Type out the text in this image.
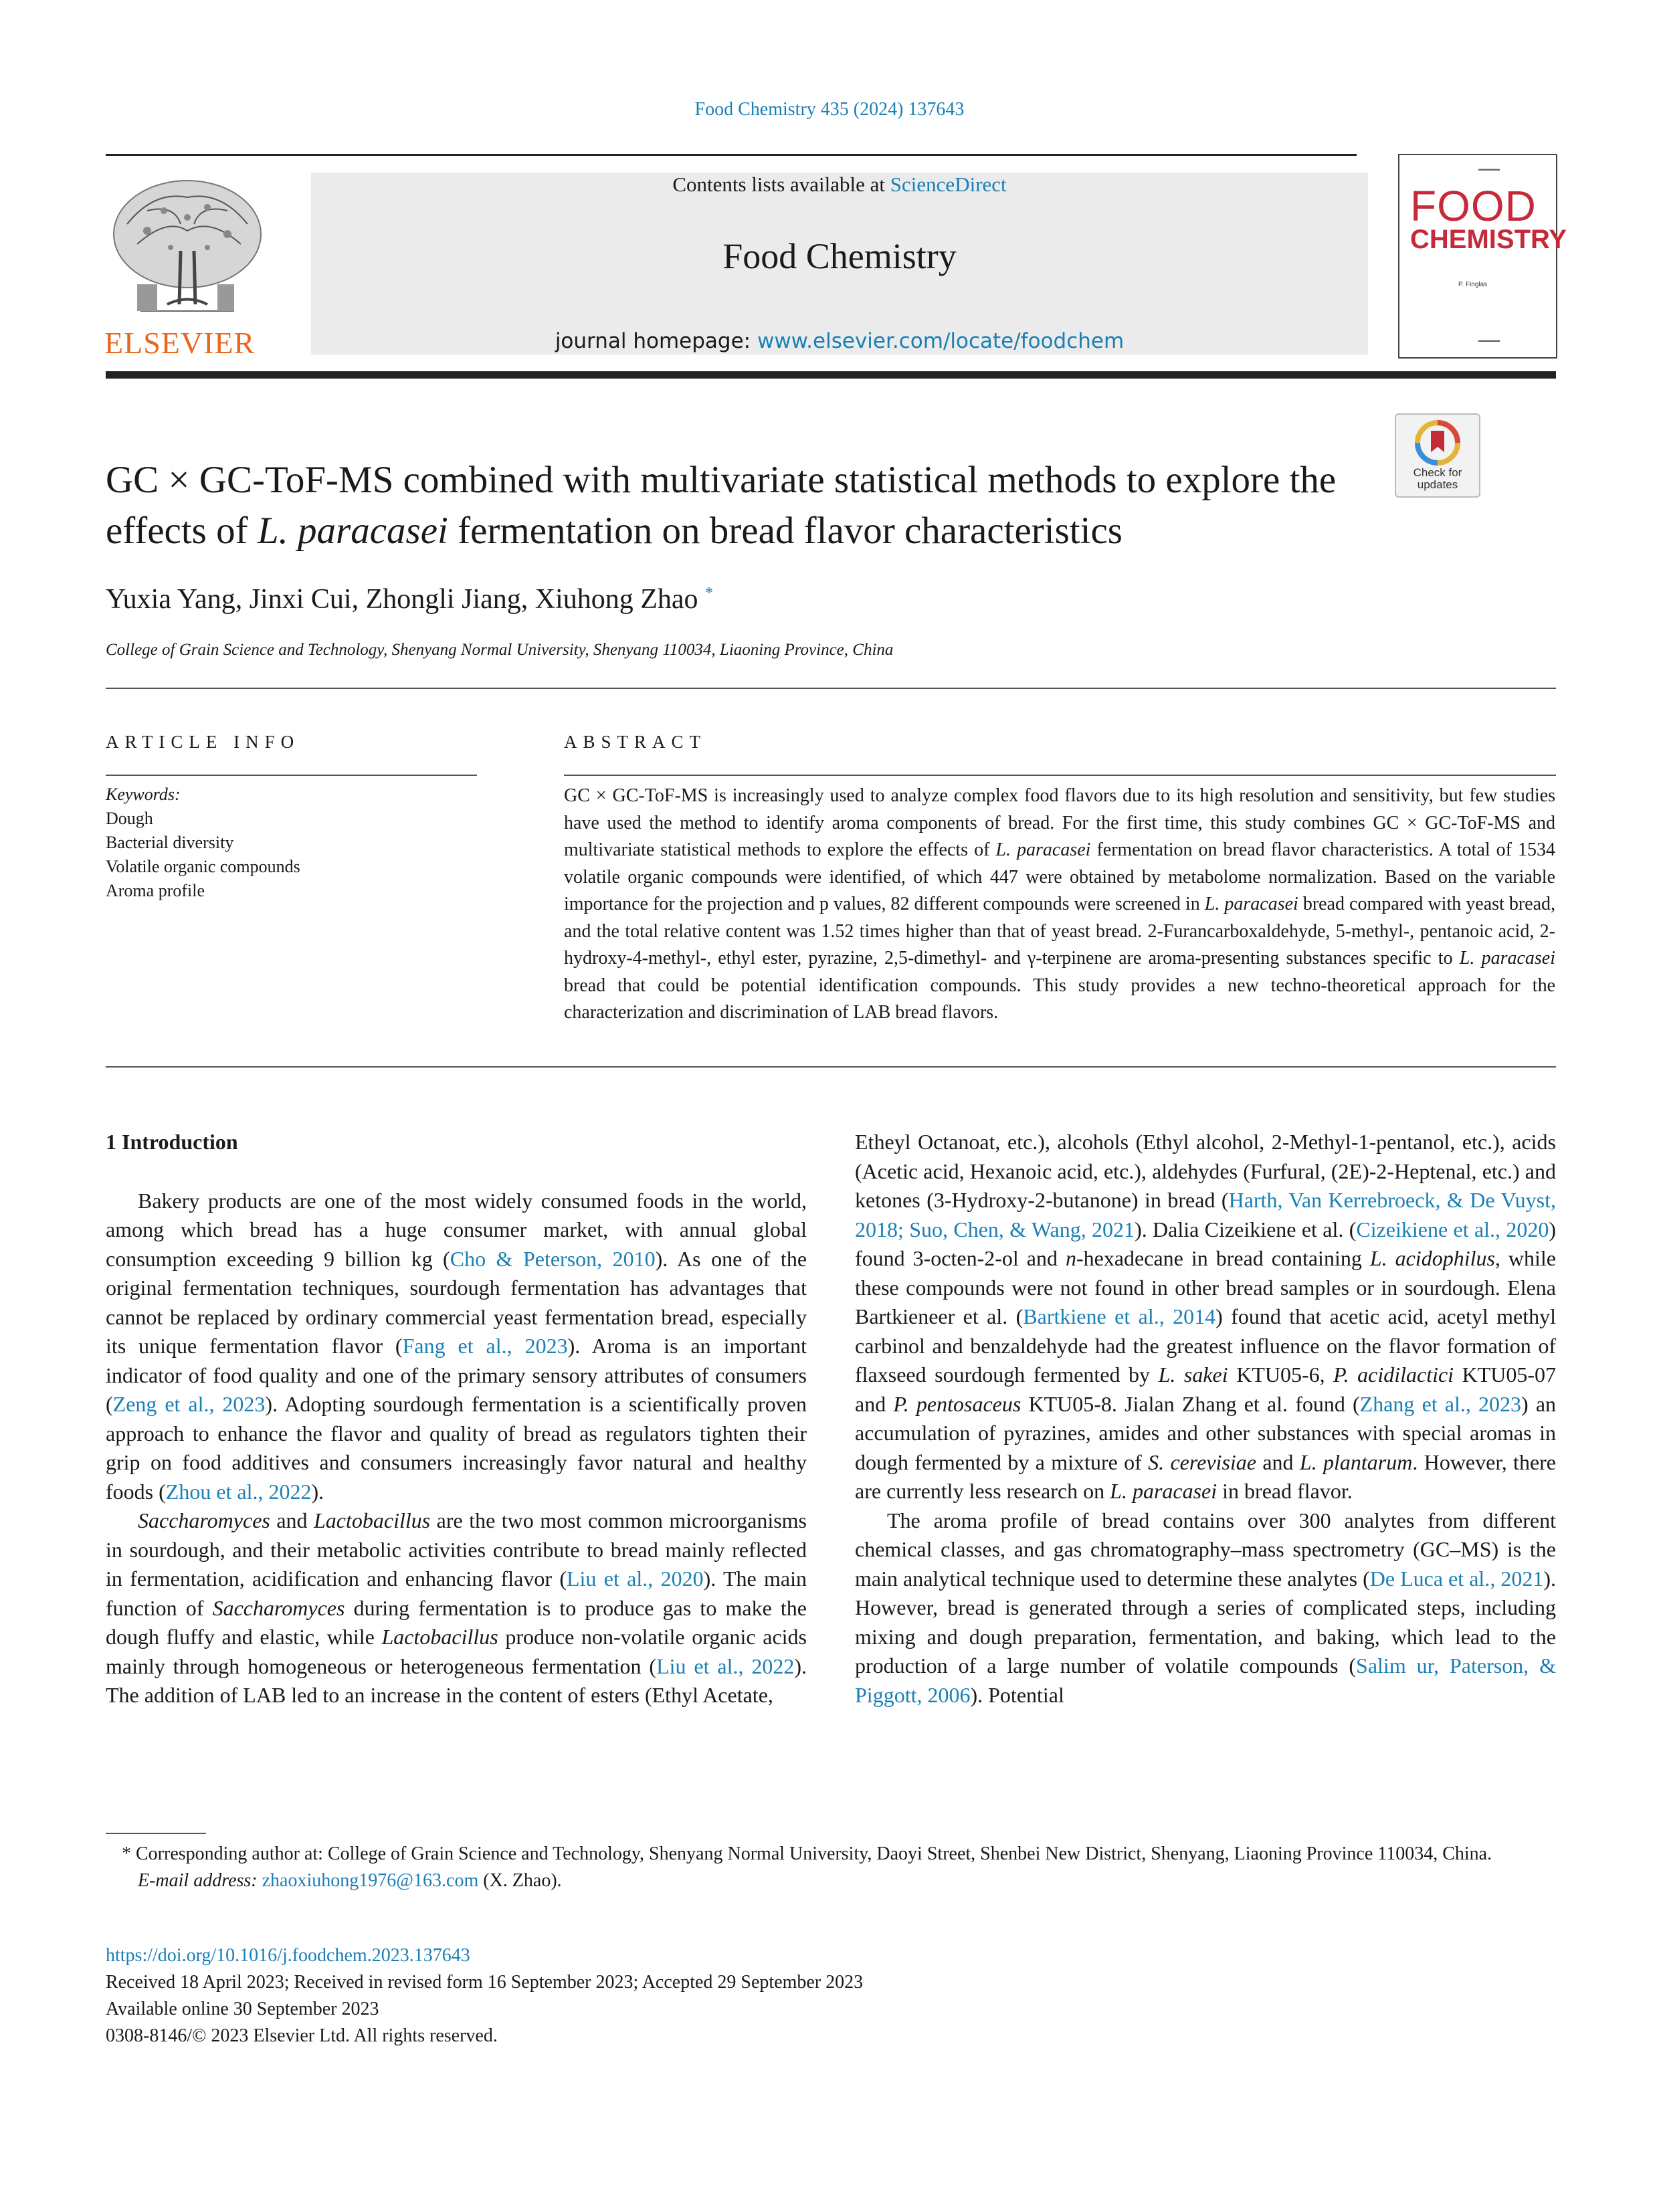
Food Chemistry 435 (2024) 137643
ELSEVIER
Contents lists available at ScienceDirect
Food Chemistry
journal homepage: www.elsevier.com/locate/foodchem
▬▬▬▬
FOOD
CHEMISTRY
P. Finglas
▬▬▬▬
Check for updates
GC × GC-ToF-MS combined with multivariate statistical methods to explore the effects of L. paracasei fermentation on bread flavor characteristics
Yuxia Yang, Jinxi Cui, Zhongli Jiang, Xiuhong Zhao *
College of Grain Science and Technology, Shenyang Normal University, Shenyang 110034, Liaoning Province, China
ARTICLE INFO
Keywords:
Dough
Bacterial diversity
Volatile organic compounds
Aroma profile
ABSTRACT
GC × GC-ToF-MS is increasingly used to analyze complex food flavors due to its high resolution and sensitivity, but few studies have used the method to identify aroma components of bread. For the first time, this study combines GC × GC-ToF-MS and multivariate statistical methods to explore the effects of L. paracasei fermentation on bread flavor characteristics. A total of 1534 volatile organic compounds were identified, of which 447 were obtained by metabolome normalization. Based on the variable importance for the projection and p values, 82 different compounds were screened in L. paracasei bread compared with yeast bread, and the total relative content was 1.52 times higher than that of yeast bread. 2-Furancarboxaldehyde, 5-methyl-, pentanoic acid, 2-hydroxy-4-methyl-, ethyl ester, pyrazine, 2,5-dimethyl- and γ-terpinene are aroma-presenting substances specific to L. paracasei bread that could be potential identification compounds. This study provides a new techno-theoretical approach for the characterization and discrimination of LAB bread flavors.

1 Introduction

Bakery products are one of the most widely consumed foods in the world, among which bread has a huge consumer market, with annual global consumption exceeding 9 billion kg (Cho & Peterson, 2010). As one of the original fermentation techniques, sourdough fermentation has advantages that cannot be replaced by ordinary commercial yeast fermentation bread, especially its unique fermentation flavor (Fang et al., 2023). Aroma is an important indicator of food quality and one of the primary sensory attributes of consumers (Zeng et al., 2023). Adopting sourdough fermentation is a scientifically proven approach to enhance the flavor and quality of bread as regulators tighten their grip on food additives and consumers increasingly favor natural and healthy foods (Zhou et al., 2022).

Saccharomyces and Lactobacillus are the two most common microorganisms in sourdough, and their metabolic activities contribute to bread mainly reflected in fermentation, acidification and enhancing flavor (Liu et al., 2020). The main function of Saccharomyces during fermentation is to produce gas to make the dough fluffy and elastic, while Lactobacillus produce non-volatile organic acids mainly through homogeneous or heterogeneous fermentation (Liu et al., 2022). The addition of LAB led to an increase in the content of esters (Ethyl Acetate,

Etheyl Octanoat, etc.), alcohols (Ethyl alcohol, 2-Methyl-1-pentanol, etc.), acids (Acetic acid, Hexanoic acid, etc.), aldehydes (Furfural, (2E)-2-Heptenal, etc.) and ketones (3-Hydroxy-2-butanone) in bread (Harth, Van Kerrebroeck, & De Vuyst, 2018; Suo, Chen, & Wang, 2021). Dalia Cizeikiene et al. (Cizeikiene et al., 2020) found 3-octen-2-ol and n-hexadecane in bread containing L. acidophilus, while these compounds were not found in other bread samples or in sourdough. Elena Bartkieneer et al. (Bartkiene et al., 2014) found that acetic acid, acetyl methyl carbinol and benzaldehyde had the greatest influence on the flavor formation of flaxseed sourdough fermented by L. sakei KTU05-6, P. acidilactici KTU05-07 and P. pentosaceus KTU05-8. Jialan Zhang et al. found (Zhang et al., 2023) an accumulation of pyrazines, amides and other substances with special aromas in dough fermented by a mixture of S. cerevisiae and L. plantarum. However, there are currently less research on L. paracasei in bread flavor.

The aroma profile of bread contains over 300 analytes from different chemical classes, and gas chromatography–mass spectrometry (GC–MS) is the main analytical technique used to determine these analytes (De Luca et al., 2021). However, bread is generated through a series of complicated steps, including mixing and dough preparation, fermentation, and baking, which lead to the production of a large number of volatile compounds (Salim ur, Paterson, & Piggott, 2006). Potential

* Corresponding author at: College of Grain Science and Technology, Shenyang Normal University, Daoyi Street, Shenbei New District, Shenyang, Liaoning Province 110034, China.
E-mail address: zhaoxiuhong1976@163.com (X. Zhao).
https://doi.org/10.1016/j.foodchem.2023.137643
Received 18 April 2023; Received in revised form 16 September 2023; Accepted 29 September 2023
Available online 30 September 2023
0308-8146/© 2023 Elsevier Ltd. All rights reserved.
